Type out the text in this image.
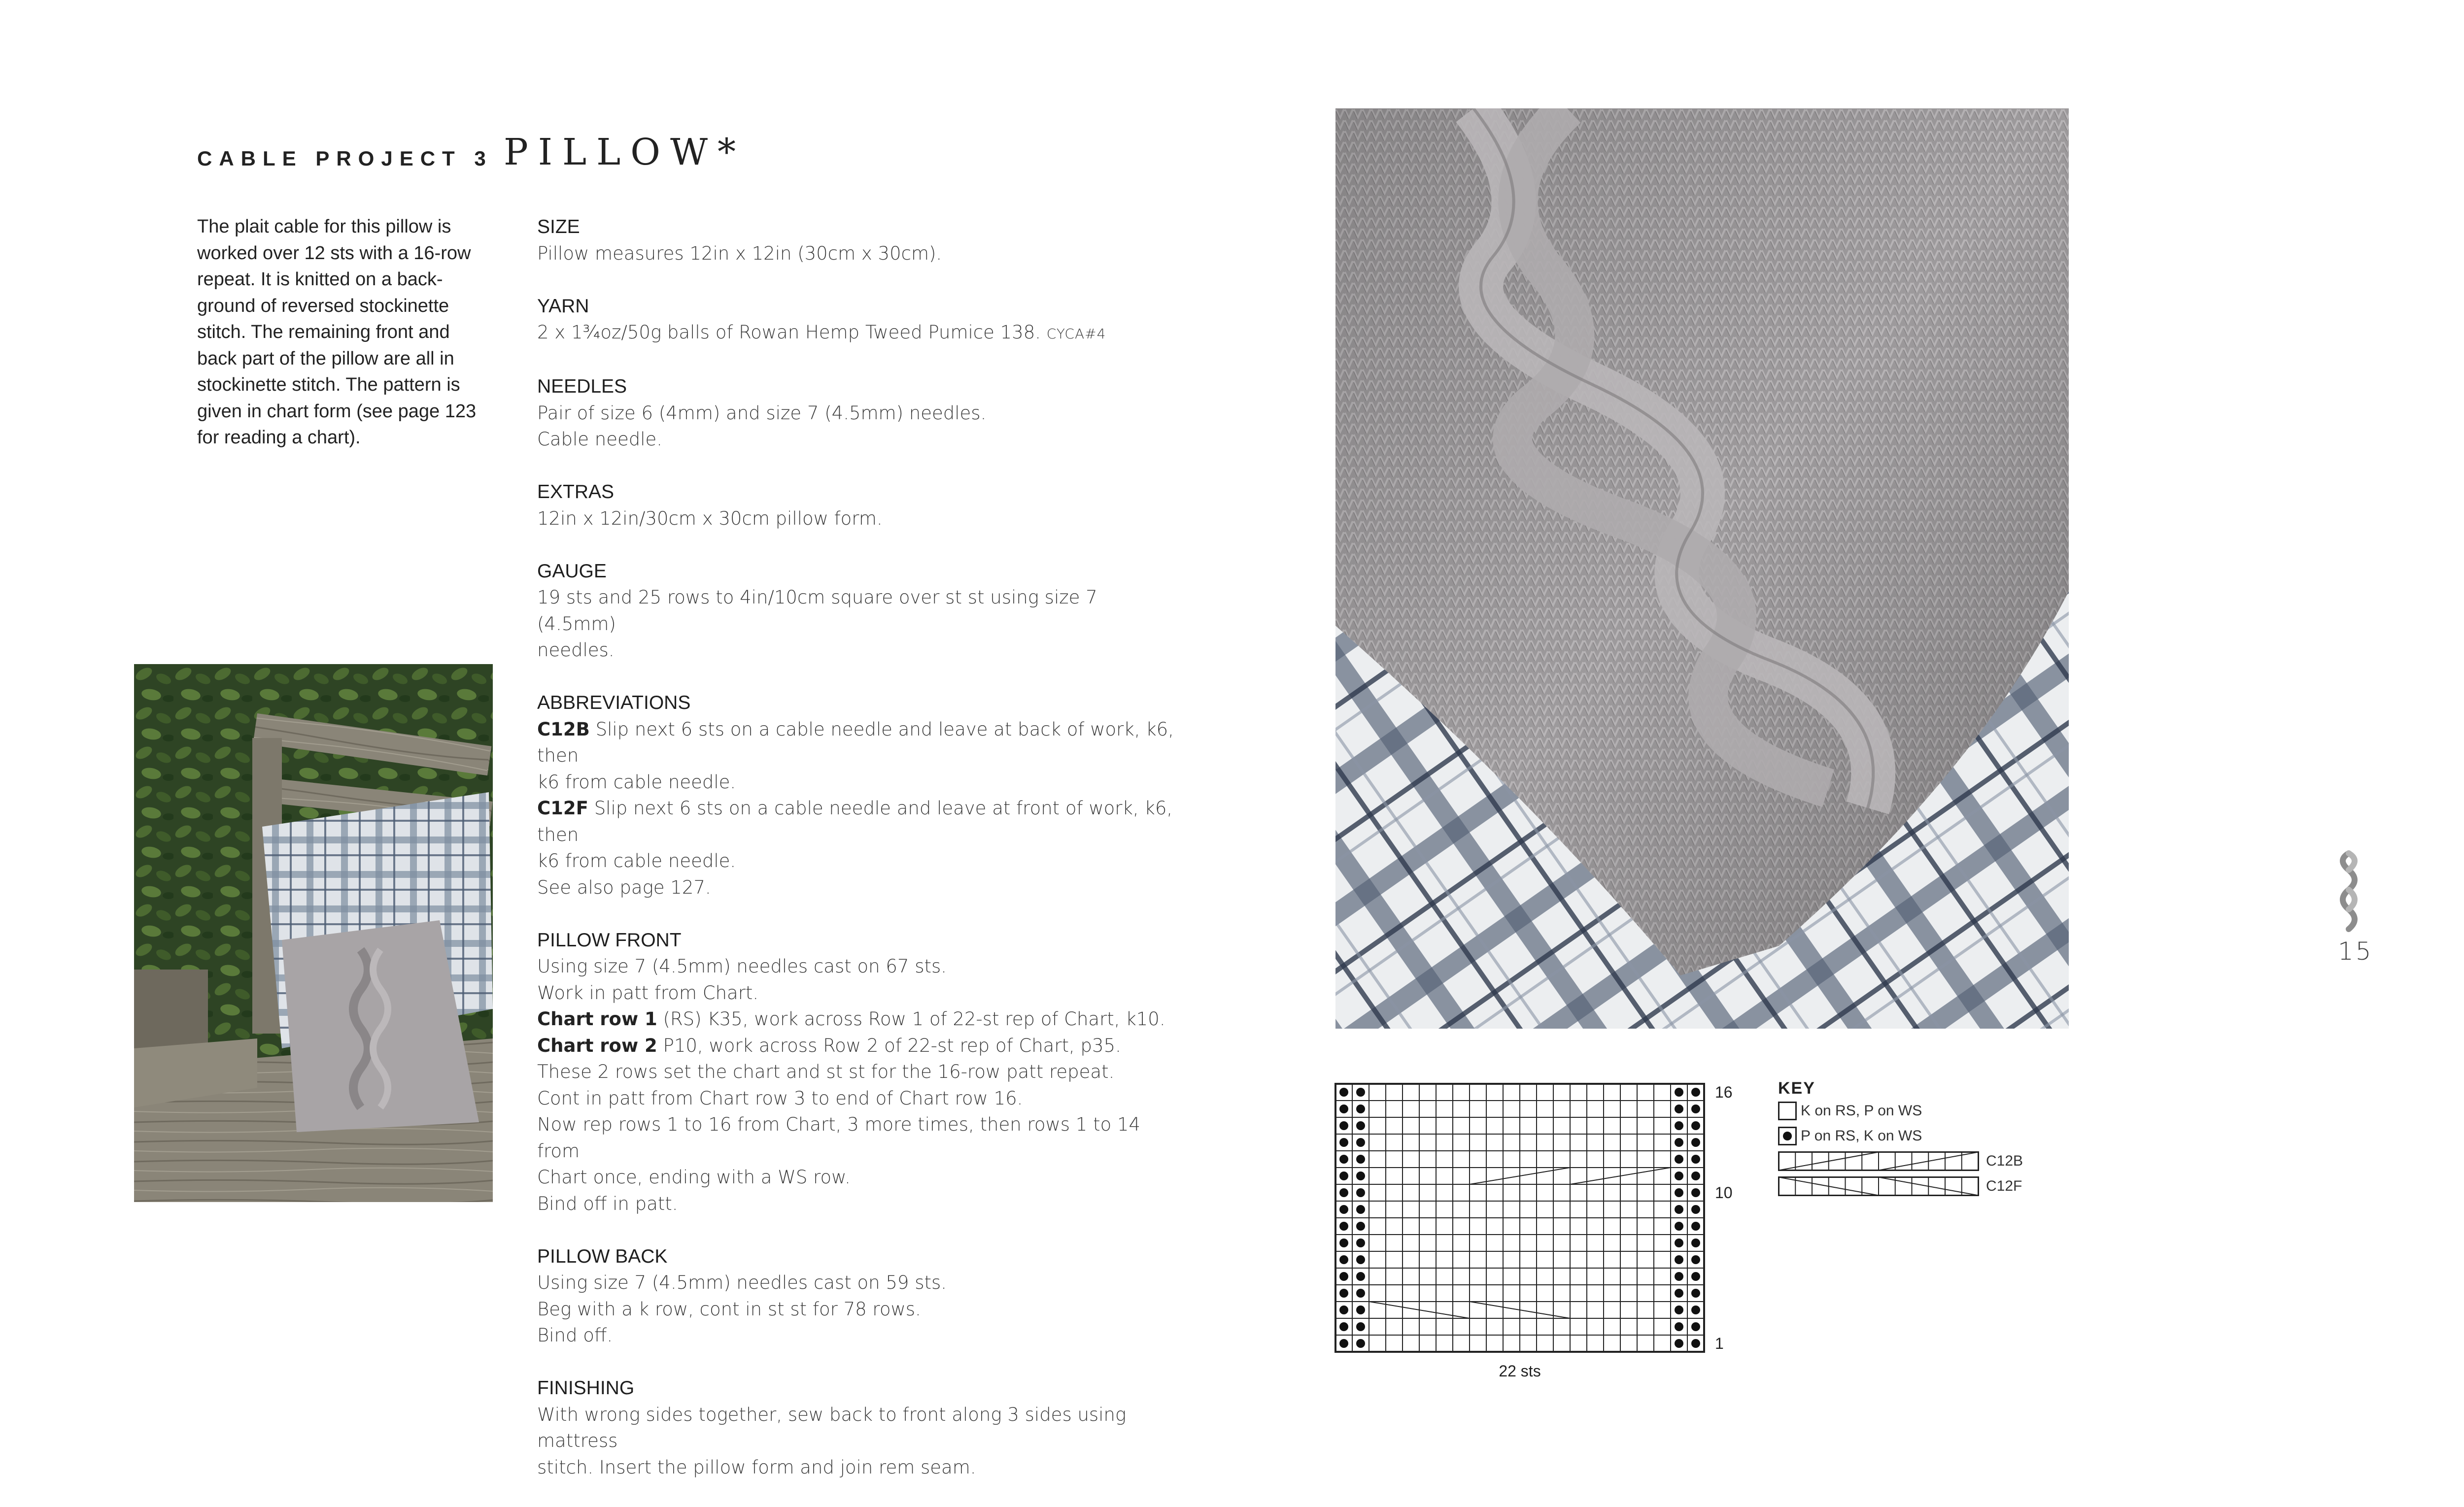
CABLE PROJECT 3 PILLOW*
The plait cable for this pillow is
worked over 12 sts with a 16-row
repeat. It is knitted on a back-
ground of reversed stockinette
stitch. The remaining front and
back part of the pillow are all in
stockinette stitch. The pattern is
given in chart form (see page 123
for reading a chart).
SIZE
Pillow measures 12in x 12in (30cm x 30cm).
YARN
2 x 1¾oz/50g balls of Rowan Hemp Tweed Pumice 138. CYCA#4
NEEDLES
Pair of size 6 (4mm) and size 7 (4.5mm) needles.
Cable needle.
EXTRAS
12in x 12in/30cm x 30cm pillow form.
GAUGE
19 sts and 25 rows to 4in/10cm square over st st using size 7 (4.5mm)
needles.
ABBREVIATIONS
C12B Slip next 6 sts on a cable needle and leave at back of work, k6, then
k6 from cable needle.
C12F Slip next 6 sts on a cable needle and leave at front of work, k6, then
k6 from cable needle.
See also page 127.
PILLOW FRONT
Using size 7 (4.5mm) needles cast on 67 sts.
Work in patt from Chart.
Chart row 1 (RS) K35, work across Row 1 of 22-st rep of Chart, k10.
Chart row 2 P10, work across Row 2 of 22-st rep of Chart, p35.
These 2 rows set the chart and st st for the 16-row patt repeat.
Cont in patt from Chart row 3 to end of Chart row 16.
Now rep rows 1 to 16 from Chart, 3 more times, then rows 1 to 14 from
Chart once, ending with a WS row.
Bind off in patt.
PILLOW BACK
Using size 7 (4.5mm) needles cast on 59 sts.
Beg with a k row, cont in st st for 78 rows.
Bind off.
FINISHING
With wrong sides together, sew back to front along 3 sides using mattress
stitch. Insert the pillow form and join rem seam.
16
10
1
22 sts
KEY
K on RS, P on WS
P on RS, K on WS
C12B
C12F
15
